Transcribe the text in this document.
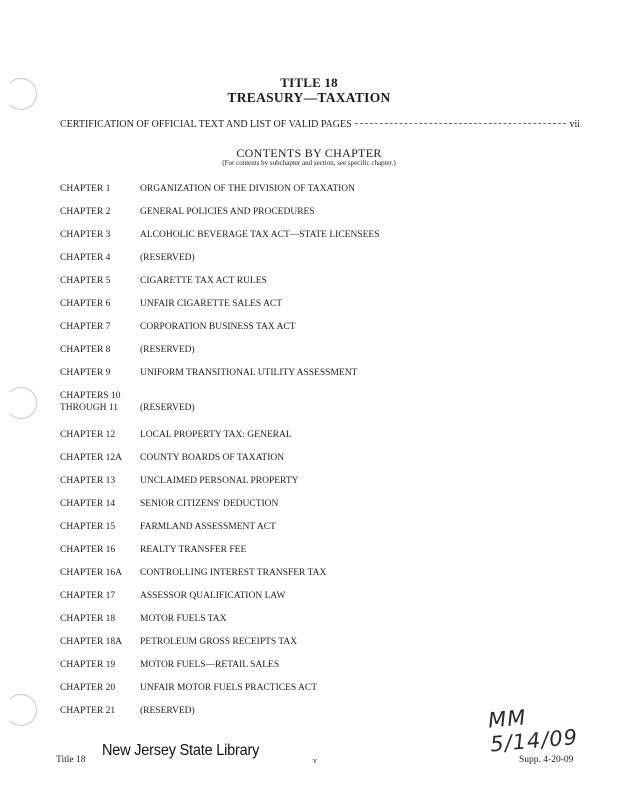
TITLE 18
TREASURY—TAXATION
CERTIFICATION OF OFFICIAL TEXT AND LIST OF VALID PAGES	vii
CONTENTS BY CHAPTER
(For contents by subchapter and section, see specific chapter.)
CHAPTER 1	ORGANIZATION OF THE DIVISION OF TAXATION
CHAPTER 2	GENERAL POLICIES AND PROCEDURES
CHAPTER 3	ALCOHOLIC BEVERAGE TAX ACT—STATE LICENSEES
CHAPTER 4	(RESERVED)
CHAPTER 5	CIGARETTE TAX ACT RULES
CHAPTER 6	UNFAIR CIGARETTE SALES ACT
CHAPTER 7	CORPORATION BUSINESS TAX ACT
CHAPTER 8	(RESERVED)
CHAPTER 9	UNIFORM TRANSITIONAL UTILITY ASSESSMENT
CHAPTERS 10
THROUGH 11 (RESERVED)
CHAPTER 12	LOCAL PROPERTY TAX: GENERAL
CHAPTER 12A COUNTY BOARDS OF TAXATION
CHAPTER 13	UNCLAIMED PERSONAL PROPERTY
CHAPTER 14	SENIOR CITIZENS' DEDUCTION
CHAPTER 15	FARMLAND ASSESSMENT ACT
CHAPTER 16	REALTY TRANSFER FEE
CHAPTER 16A CONTROLLING INTEREST TRANSFER TAX
CHAPTER 17	ASSESSOR QUALIFICATION LAW
CHAPTER 18	MOTOR FUELS TAX
CHAPTER 18A PETROLEUM GROSS RECEIPTS TAX
CHAPTER 19	MOTOR FUELS—RETAIL SALES
CHAPTER 20	UNFAIR MOTOR FUELS PRACTICES ACT
CHAPTER 21	(RESERVED)
Title 18
New Jersey State Library
v	Supp. 4-20-09
MM 5/14/09
